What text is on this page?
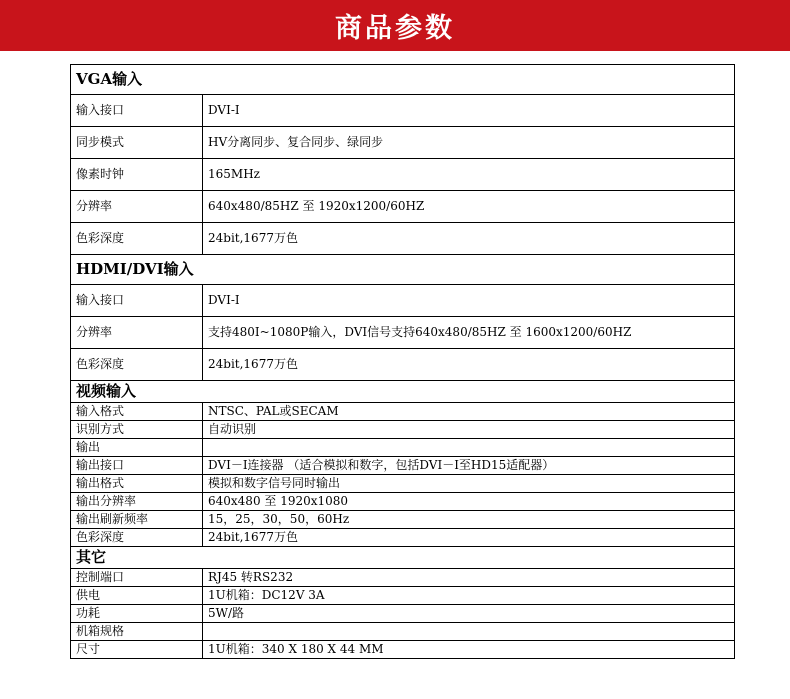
商品参数
VGA输入	
输入接口	DVI-I
同步模式	HV分离同步、复合同步、绿同步
像素时钟	165MHz
分辨率	640x480/85HZ 至 1920x1200/60HZ
色彩深度	24bit,1677万色
HDMI/DVI输入	
输入接口	DVI-I
分辨率	支持480I~1080P输入，DVI信号支持640x480/85HZ 至 1600x1200/60HZ
色彩深度	24bit,1677万色
视频输入	
输入格式	NTSC、PAL或SECAM
识别方式	自动识别
输出	
输出接口	DVI－I连接器 （适合模拟和数字，包括DVI－I至HD15适配器）
输出格式	模拟和数字信号同时输出
输出分辨率	640x480 至 1920x1080
输出刷新频率	15，25，30，50，60Hz
色彩深度	24bit,1677万色
其它	
控制端口	RJ45 转RS232
供电	1U机箱：DC12V 3A
功耗	5W/路
机箱规格	
尺寸	1U机箱：340 X 180 X 44 MM
